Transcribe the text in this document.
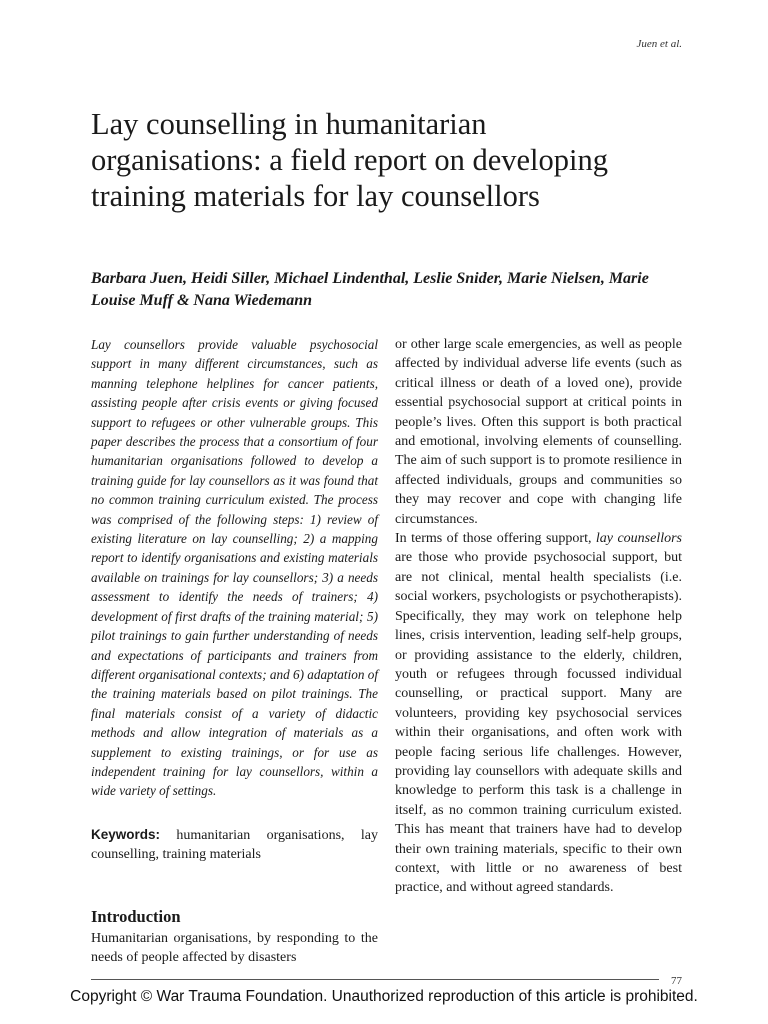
Juen et al.
Lay counselling in humanitarian organisations: a field report on developing training materials for lay counsellors

Barbara Juen, Heidi Siller, Michael Lindenthal, Leslie Snider, Marie Nielsen, Marie Louise Muff & Nana Wiedemann

Lay counsellors provide valuable psychosocial support in many different circumstances, such as manning telephone helplines for cancer patients, assisting people after crisis events or giving focused support to refugees or other vulnerable groups. This paper describes the process that a consortium of four humanitarian organisations followed to develop a training guide for lay counsellors as it was found that no common training curriculum existed. The process was comprised of the following steps: 1) review of existing literature on lay counselling; 2) a mapping report to identify organisations and existing materials available on trainings for lay counsellors; 3) a needs assessment to identify the needs of trainers; 4) development of first drafts of the training material; 5) pilot trainings to gain further understanding of needs and expectations of participants and trainers from different organisational contexts; and 6) adaptation of the training materials based on pilot trainings. The final materials consist of a variety of didactic methods and allow integration of materials as a supplement to existing trainings, or for use as independent training for lay counsellors, within a wide variety of settings.

Keywords: humanitarian organisations, lay counselling, training materials

Introduction

Humanitarian organisations, by responding to the needs of people affected by disasters

or other large scale emergencies, as well as people affected by individual adverse life events (such as critical illness or death of a loved one), provide essential psychosocial support at critical points in people’s lives. Often this support is both practical and emotional, involving elements of counselling. The aim of such support is to promote resilience in affected individuals, groups and communities so they may recover and cope with changing life circumstances.

In terms of those offering support, lay counsellors are those who provide psychosocial support, but are not clinical, mental health specialists (i.e. social workers, psychologists or psychotherapists). Specifically, they may work on telephone help lines, crisis intervention, leading self-help groups, or providing assistance to the elderly, children, youth or refugees through focussed individual counselling, or practical support. Many are volunteers, providing key psychosocial services within their organisations, and often work with people facing serious life challenges. However, providing lay counsellors with adequate skills and knowledge to perform this task is a challenge in itself, as no common training curriculum existed. This has meant that trainers have had to develop their own training materials, specific to their own context, with little or no awareness of best practice, and without agreed standards.

77
Copyright © War Trauma Foundation. Unauthorized reproduction of this article is prohibited.
